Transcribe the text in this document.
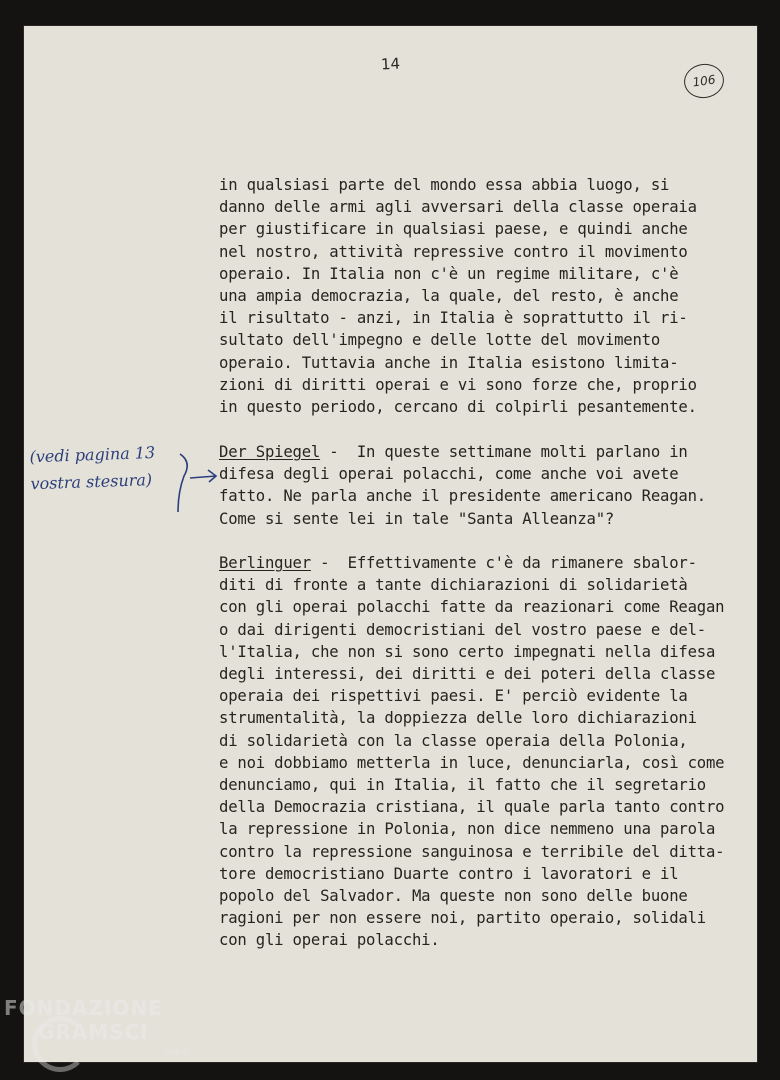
14
106
in qualsiasi parte del mondo essa abbia luogo, si
danno delle armi agli avversari della classe operaia
per giustificare in qualsiasi paese, e quindi anche
nel nostro, attività repressive contro il movimento
operaio. In Italia non c'è un regime militare, c'è
una ampia democrazia, la quale, del resto, è anche
il risultato - anzi, in Italia è soprattutto il ri-
sultato dell'impegno e delle lotte del movimento
operaio. Tuttavia anche in Italia esistono limita-
zioni di diritti operai e vi sono forze che, proprio
in questo periodo, cercano di colpirli pesantemente.
Der Spiegel -  In queste settimane molti parlano in
difesa degli operai polacchi, come anche voi avete
fatto. Ne parla anche il presidente americano Reagan.
Come si sente lei in tale "Santa Alleanza"?
Berlinguer -  Effettivamente c'è da rimanere sbalor-
diti di fronte a tante dichiarazioni di solidarietà
con gli operai polacchi fatte da reazionari come Reagan
o dai dirigenti democristiani del vostro paese e del-
l'Italia, che non si sono certo impegnati nella difesa
degli interessi, dei diritti e dei poteri della classe
operaia dei rispettivi paesi. E' perciò evidente la
strumentalità, la doppiezza delle loro dichiarazioni
di solidarietà con la classe operaia della Polonia,
e noi dobbiamo metterla in luce, denunciarla, così come
denunciamo, qui in Italia, il fatto che il segretario
della Democrazia cristiana, il quale parla tanto contro
la repressione in Polonia, non dice nemmeno una parola
contro la repressione sanguinosa e terribile del ditta-
tore democristiano Duarte contro i lavoratori e il
popolo del Salvador. Ma queste non sono delle buone
ragioni per non essere noi, partito operaio, solidali
con gli operai polacchi.
(vedi pagina 13
vostra stesura)
FONDAZIONE
GRAMSCI
onlus
